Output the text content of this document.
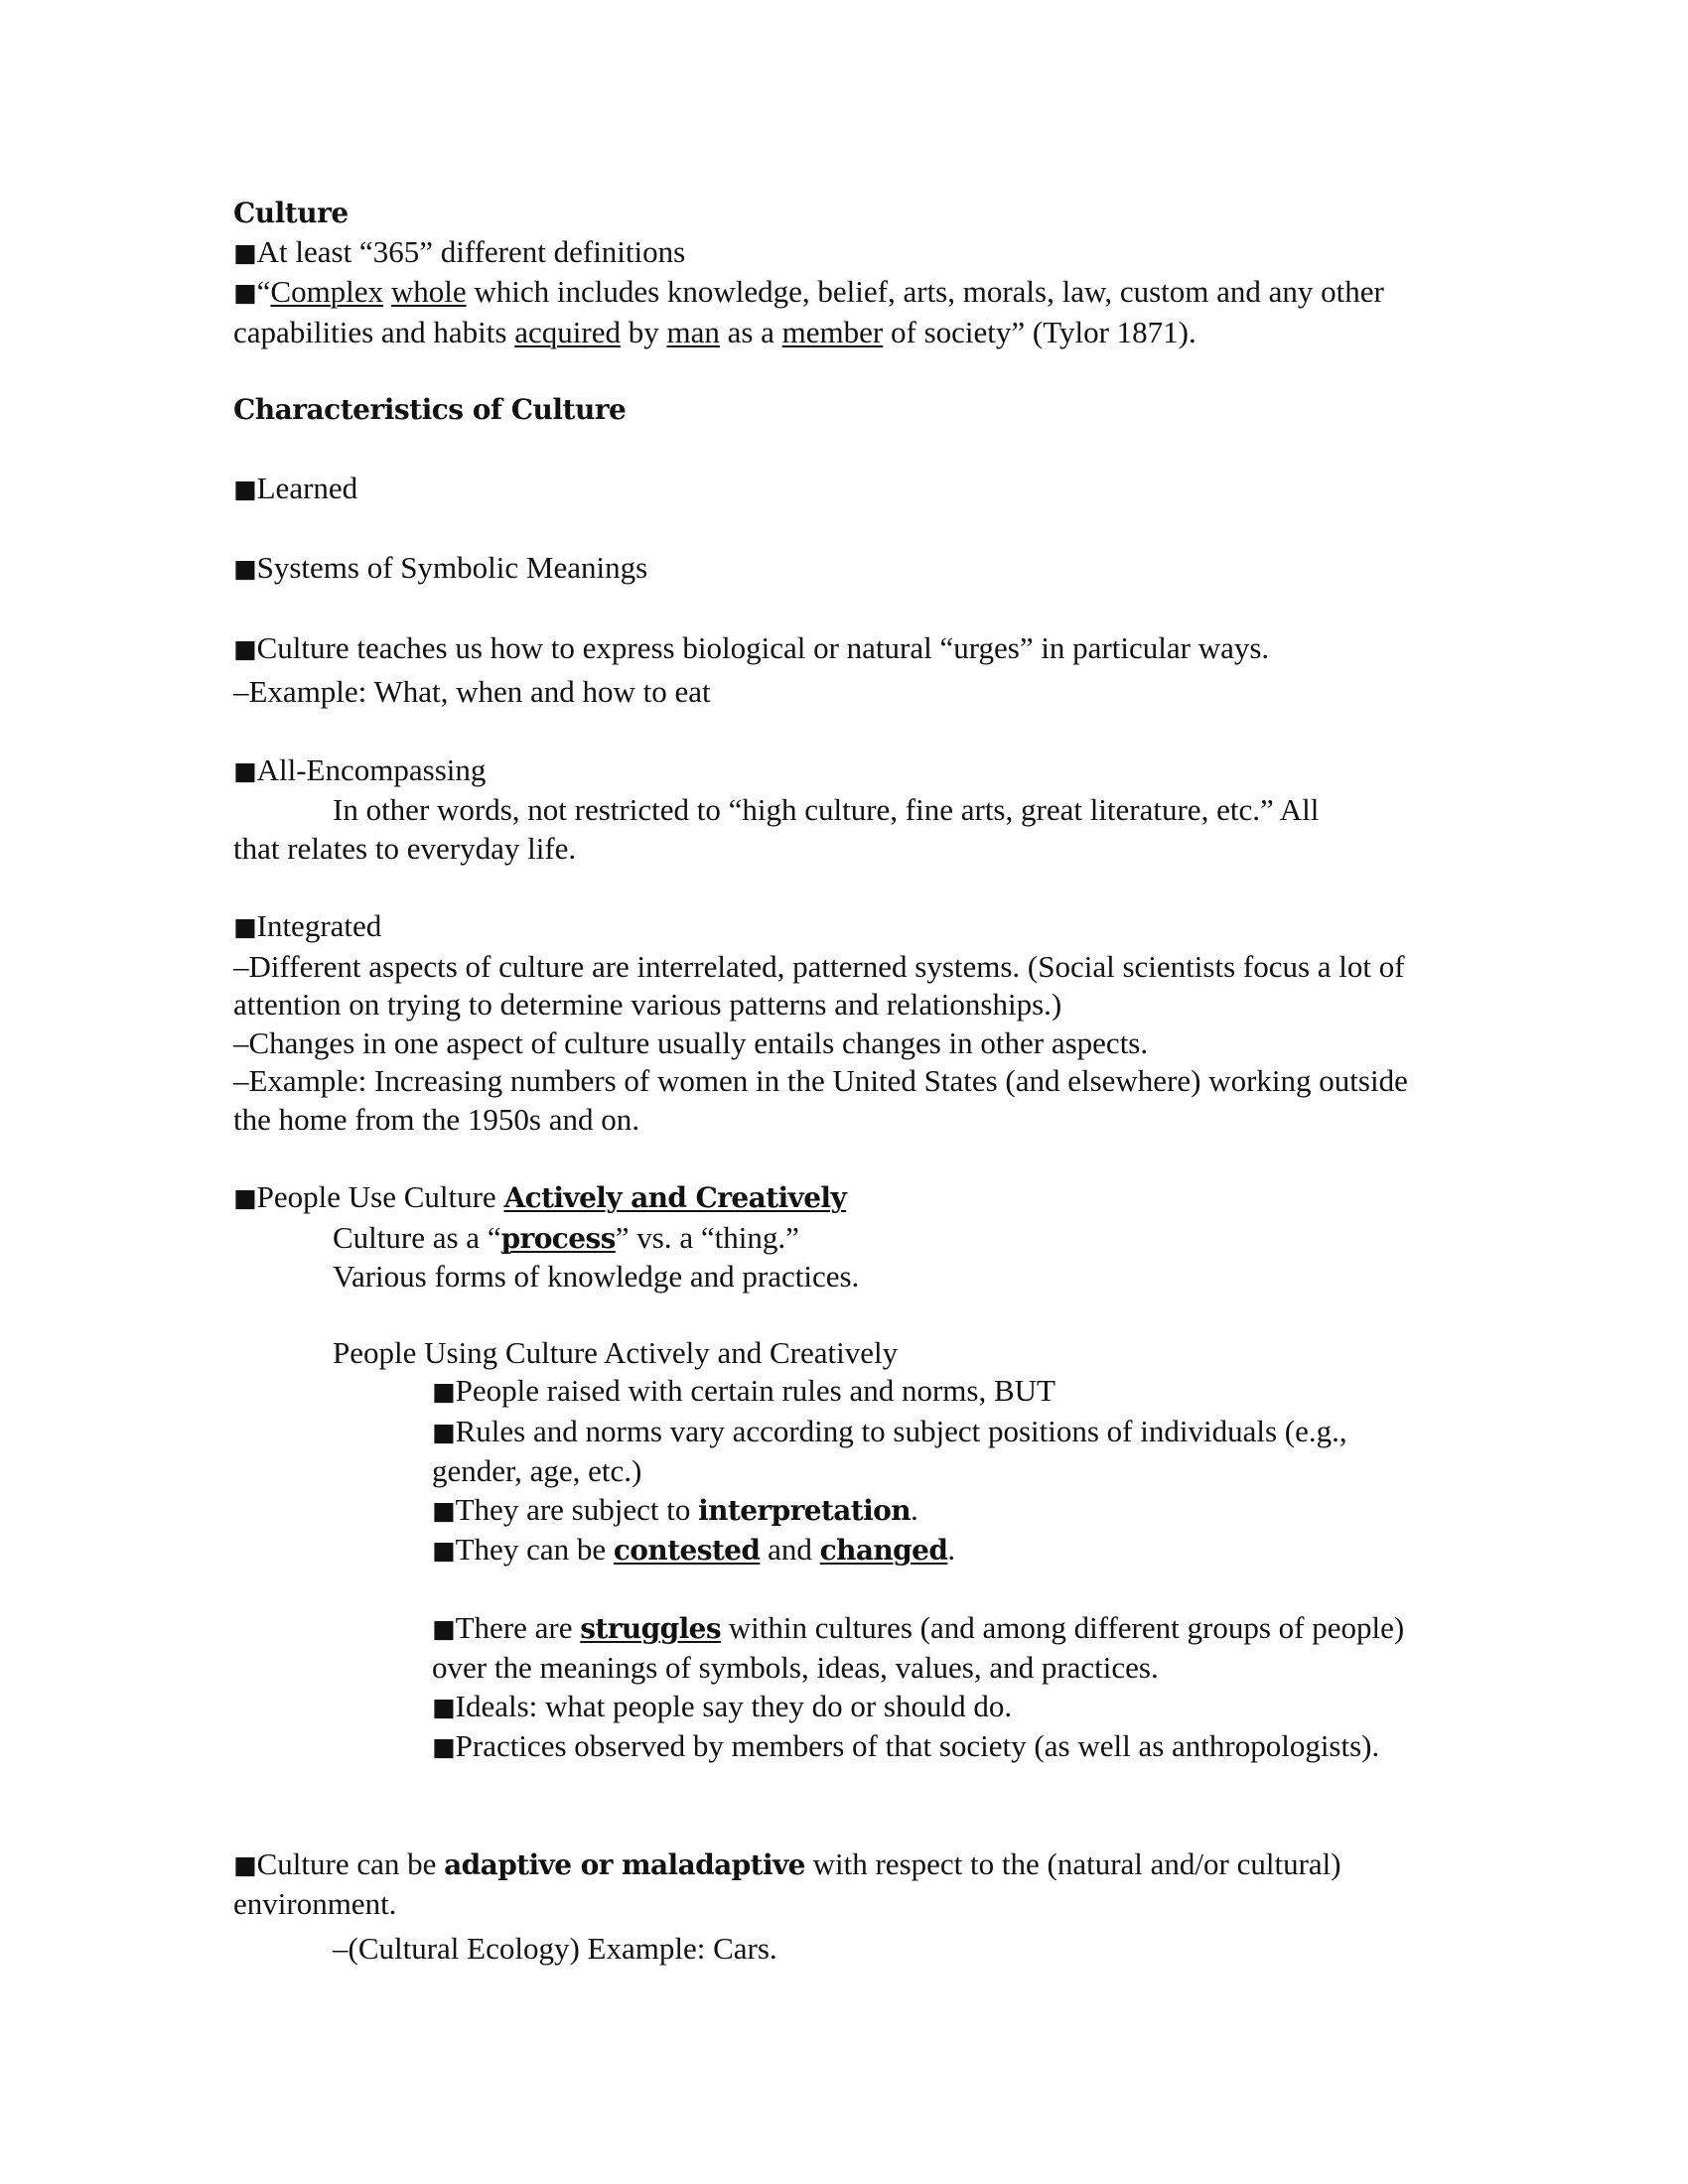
Culture

■At least “365” different definitions

■“Complex whole which includes knowledge, belief, arts, morals, law, custom and any other capabilities and habits acquired by man as a member of society” (Tylor 1871).

Characteristics of Culture

■Learned

■Systems of Symbolic Meanings

■Culture teaches us how to express biological or natural “urges” in particular ways.

–Example: What, when and how to eat

■All-Encompassing

In other words, not restricted to “high culture, fine arts, great literature, etc.” All

that relates to everyday life.

■Integrated

–Different aspects of culture are interrelated, patterned systems. (Social scientists focus a lot of attention on trying to determine various patterns and relationships.)

–Changes in one aspect of culture usually entails changes in other aspects.

–Example: Increasing numbers of women in the United States (and elsewhere) working outside the home from the 1950s and on.

■People Use Culture Actively and Creatively

Culture as a “process” vs. a “thing.”

Various forms of knowledge and practices.

People Using Culture Actively and Creatively

■People raised with certain rules and norms, BUT

■Rules and norms vary according to subject positions of individuals (e.g., gender, age, etc.)

■They are subject to interpretation.

■They can be contested and changed.

■There are struggles within cultures (and among different groups of people) over the meanings of symbols, ideas, values, and practices.

■Ideals: what people say they do or should do.

■Practices observed by members of that society (as well as anthropologists).

■Culture can be adaptive or maladaptive with respect to the (natural and/or cultural) environment.

–(Cultural Ecology) Example: Cars.
